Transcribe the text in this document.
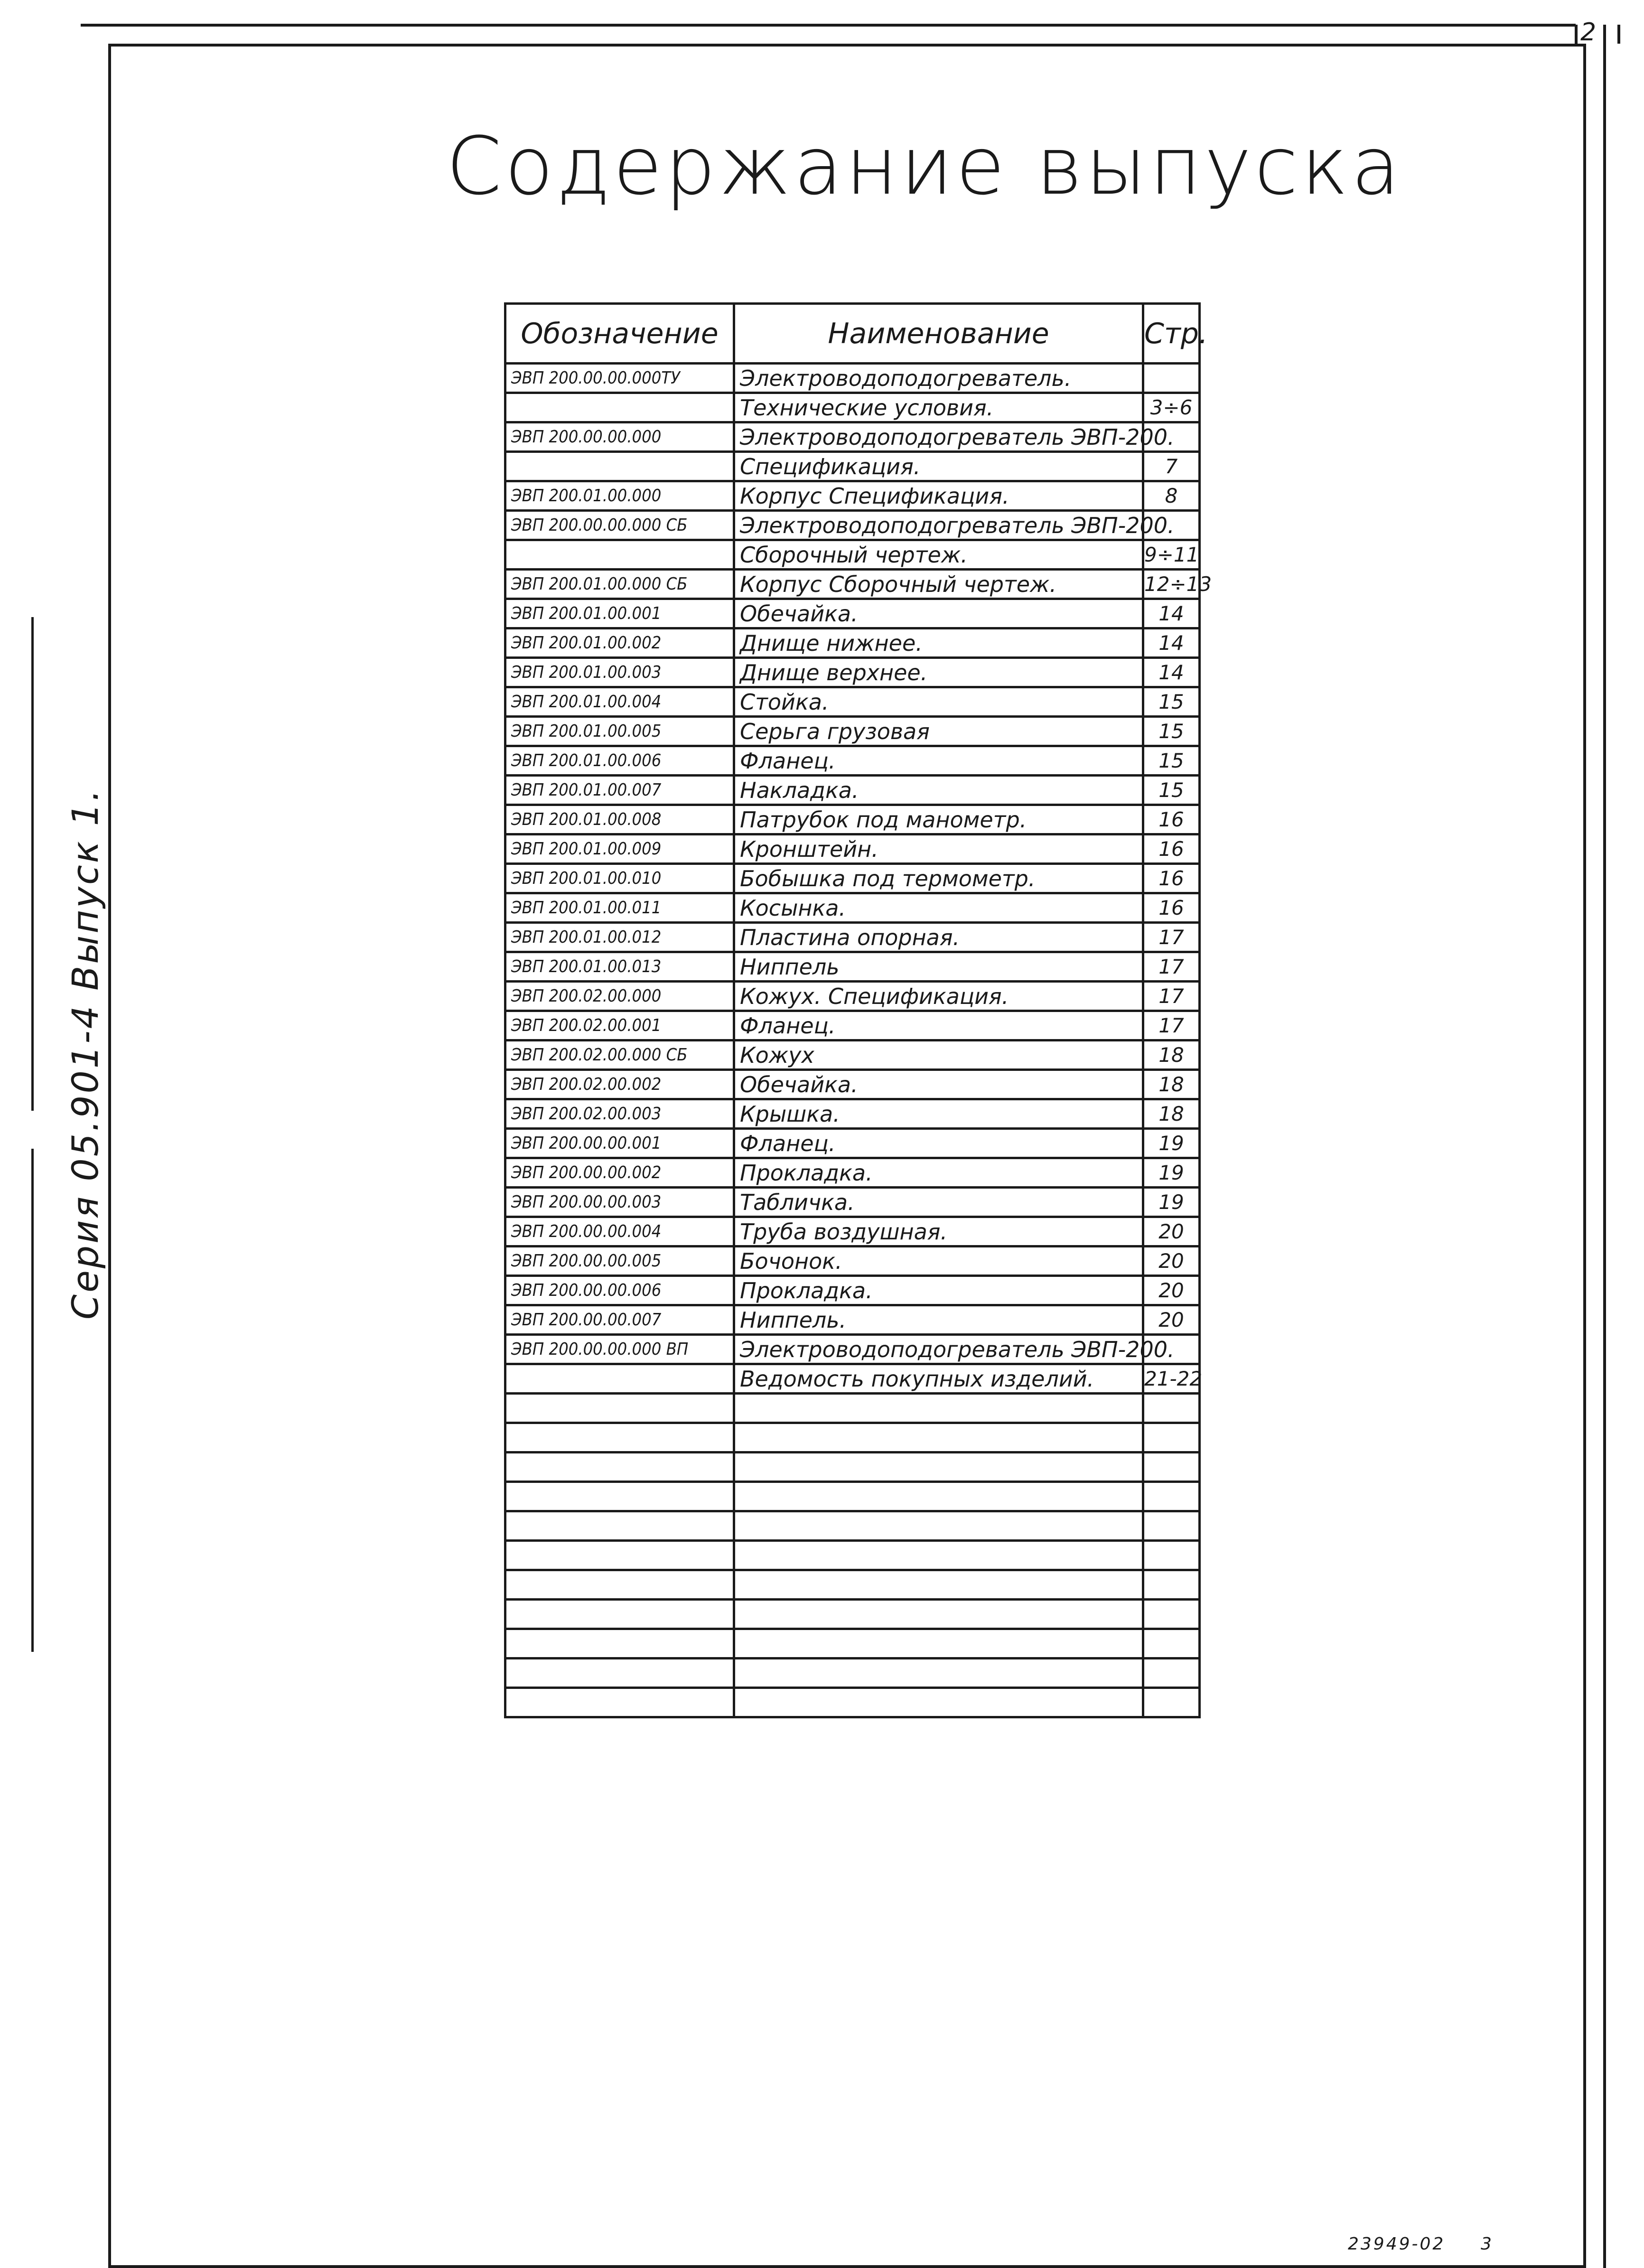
2
Серия 05.901-4 Выпуск 1.
Содержание выпуска
Обозначение	Наименование	Стр.
ЭВП 200.00.00.000ТУ	Электроводоподогреватель.	
	Технические условия.	3÷6
ЭВП 200.00.00.000	Электроводоподогреватель ЭВП-200.	
	Спецификация.	7
ЭВП 200.01.00.000	Корпус Спецификация.	8
ЭВП 200.00.00.000 СБ	Электроводоподогреватель ЭВП-200.	
	Сборочный чертеж.	9÷11
ЭВП 200.01.00.000 СБ	Корпус Сборочный чертеж.	12÷13
ЭВП 200.01.00.001	Обечайка.	14
ЭВП 200.01.00.002	Днище нижнее.	14
ЭВП 200.01.00.003	Днище верхнее.	14
ЭВП 200.01.00.004	Стойка.	15
ЭВП 200.01.00.005	Серьга грузовая	15
ЭВП 200.01.00.006	Фланец.	15
ЭВП 200.01.00.007	Накладка.	15
ЭВП 200.01.00.008	Патрубок под манометр.	16
ЭВП 200.01.00.009	Кронштейн.	16
ЭВП 200.01.00.010	Бобышка под термометр.	16
ЭВП 200.01.00.011	Косынка.	16
ЭВП 200.01.00.012	Пластина опорная.	17
ЭВП 200.01.00.013	Ниппель	17
ЭВП 200.02.00.000	Кожух. Спецификация.	17
ЭВП 200.02.00.001	Фланец.	17
ЭВП 200.02.00.000 СБ	Кожух	18
ЭВП 200.02.00.002	Обечайка.	18
ЭВП 200.02.00.003	Крышка.	18
ЭВП 200.00.00.001	Фланец.	19
ЭВП 200.00.00.002	Прокладка.	19
ЭВП 200.00.00.003	Табличка.	19
ЭВП 200.00.00.004	Труба воздушная.	20
ЭВП 200.00.00.005	Бочонок.	20
ЭВП 200.00.00.006	Прокладка.	20
ЭВП 200.00.00.007	Ниппель.	20
ЭВП 200.00.00.000 ВП	Электроводоподогреватель ЭВП-200.	
	Ведомость покупных изделий.	21-22

23949-02 3
